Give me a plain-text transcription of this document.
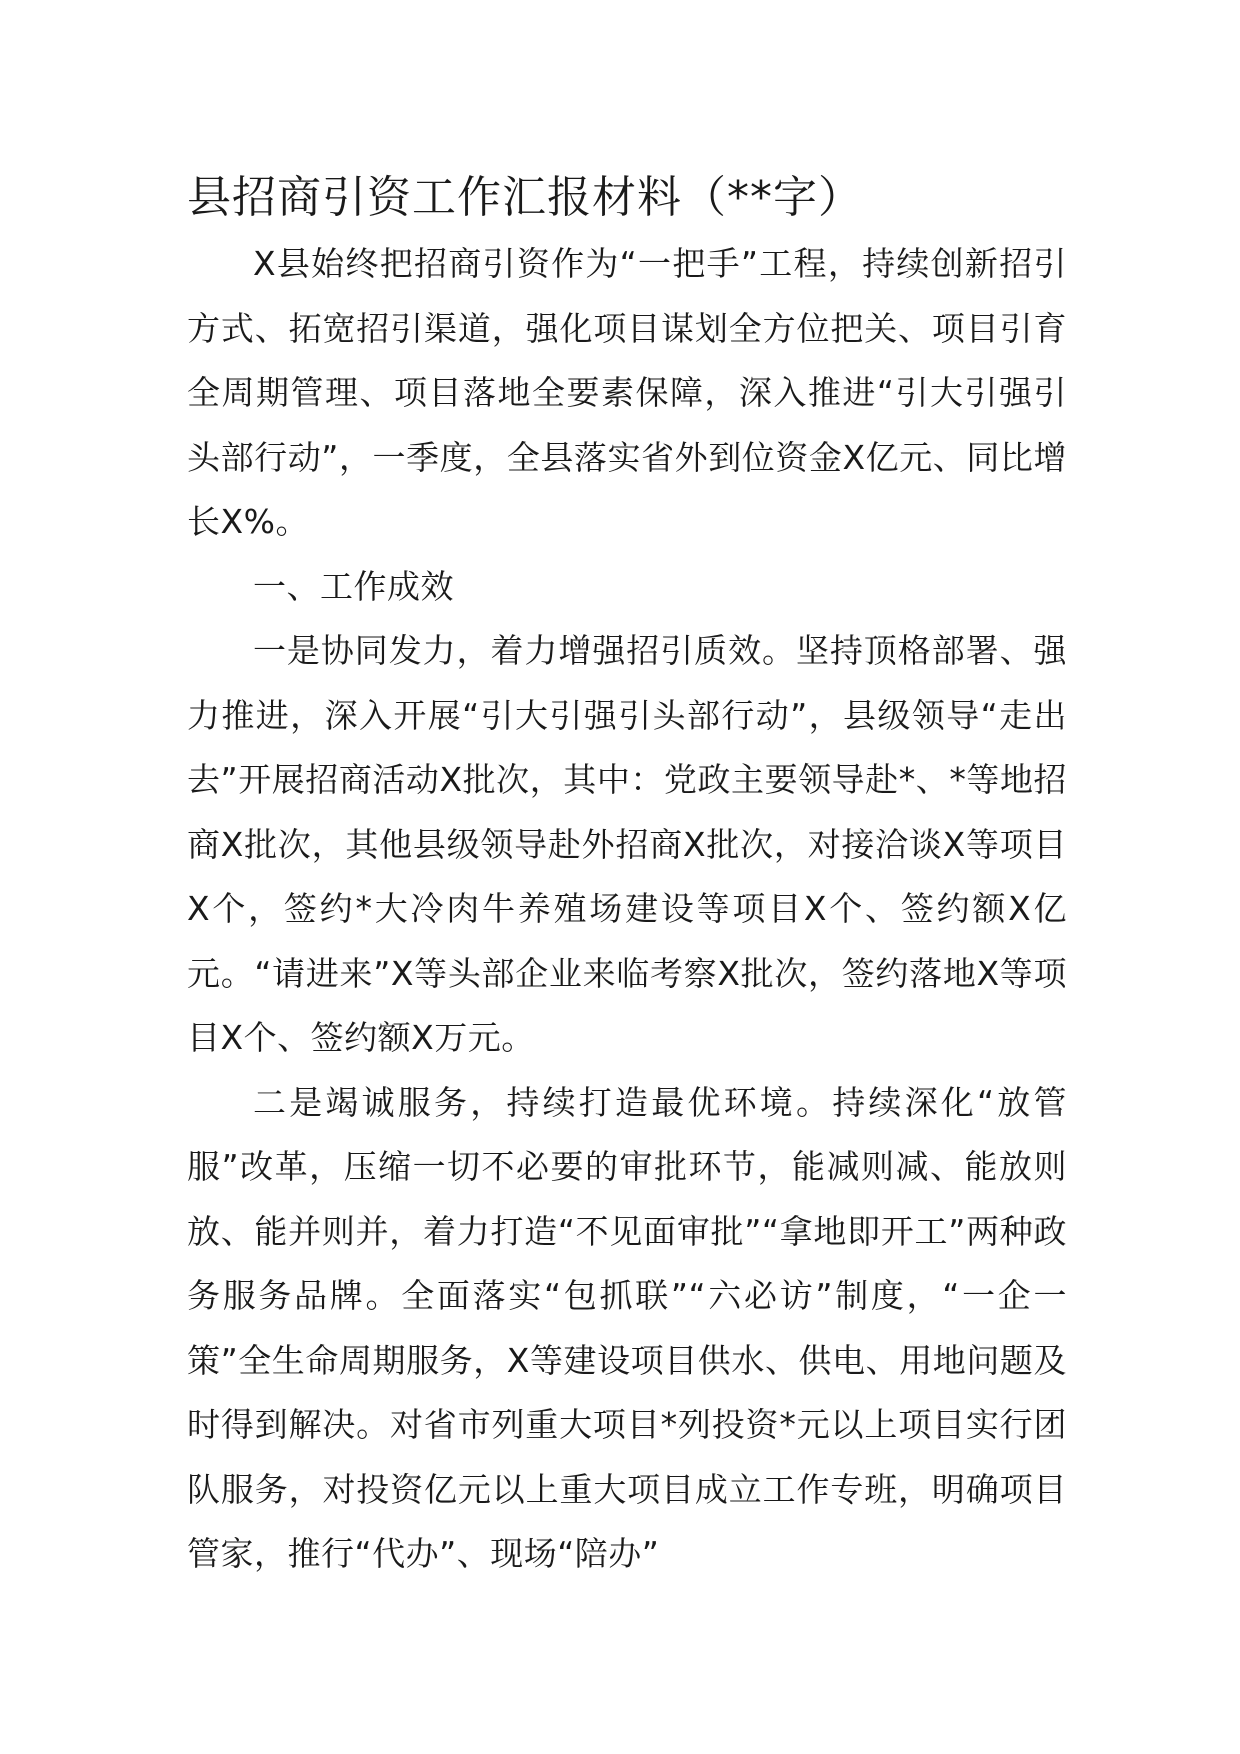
县招商引资工作汇报材料（**字）

X县始终把招商引资作为“一把手”工程，持续创新招引方式、拓宽招引渠道，强化项目谋划全方位把关、项目引育全周期管理、项目落地全要素保障，深入推进“引大引强引头部行动”，一季度，全县落实省外到位资金X亿元、同比增长X%。

一、工作成效

一是协同发力，着力增强招引质效。坚持顶格部署、强力推进，深入开展“引大引强引头部行动”，县级领导“走出去”开展招商活动X批次，其中：党政主要领导赴*、*等地招商X批次，其他县级领导赴外招商X批次，对接洽谈X等项目X个，签约*大冷肉牛养殖场建设等项目X个、签约额X亿元。“请进来”X等头部企业来临考察X批次，签约落地X等项目X个、签约额X万元。

二是竭诚服务，持续打造最优环境。持续深化“放管服”改革，压缩一切不必要的审批环节，能减则减、能放则放、能并则并，着力打造“不见面审批”“拿地即开工”两种政务服务品牌。全面落实“包抓联”“六必访”制度，“一企一策”全生命周期服务，X等建设项目供水、供电、用地问题及时得到解决。对省市列重大项目*列投资*元以上项目实行团队服务，对投资亿元以上重大项目成立工作专班，明确项目管家，推行“代办”、现场“陪办”
